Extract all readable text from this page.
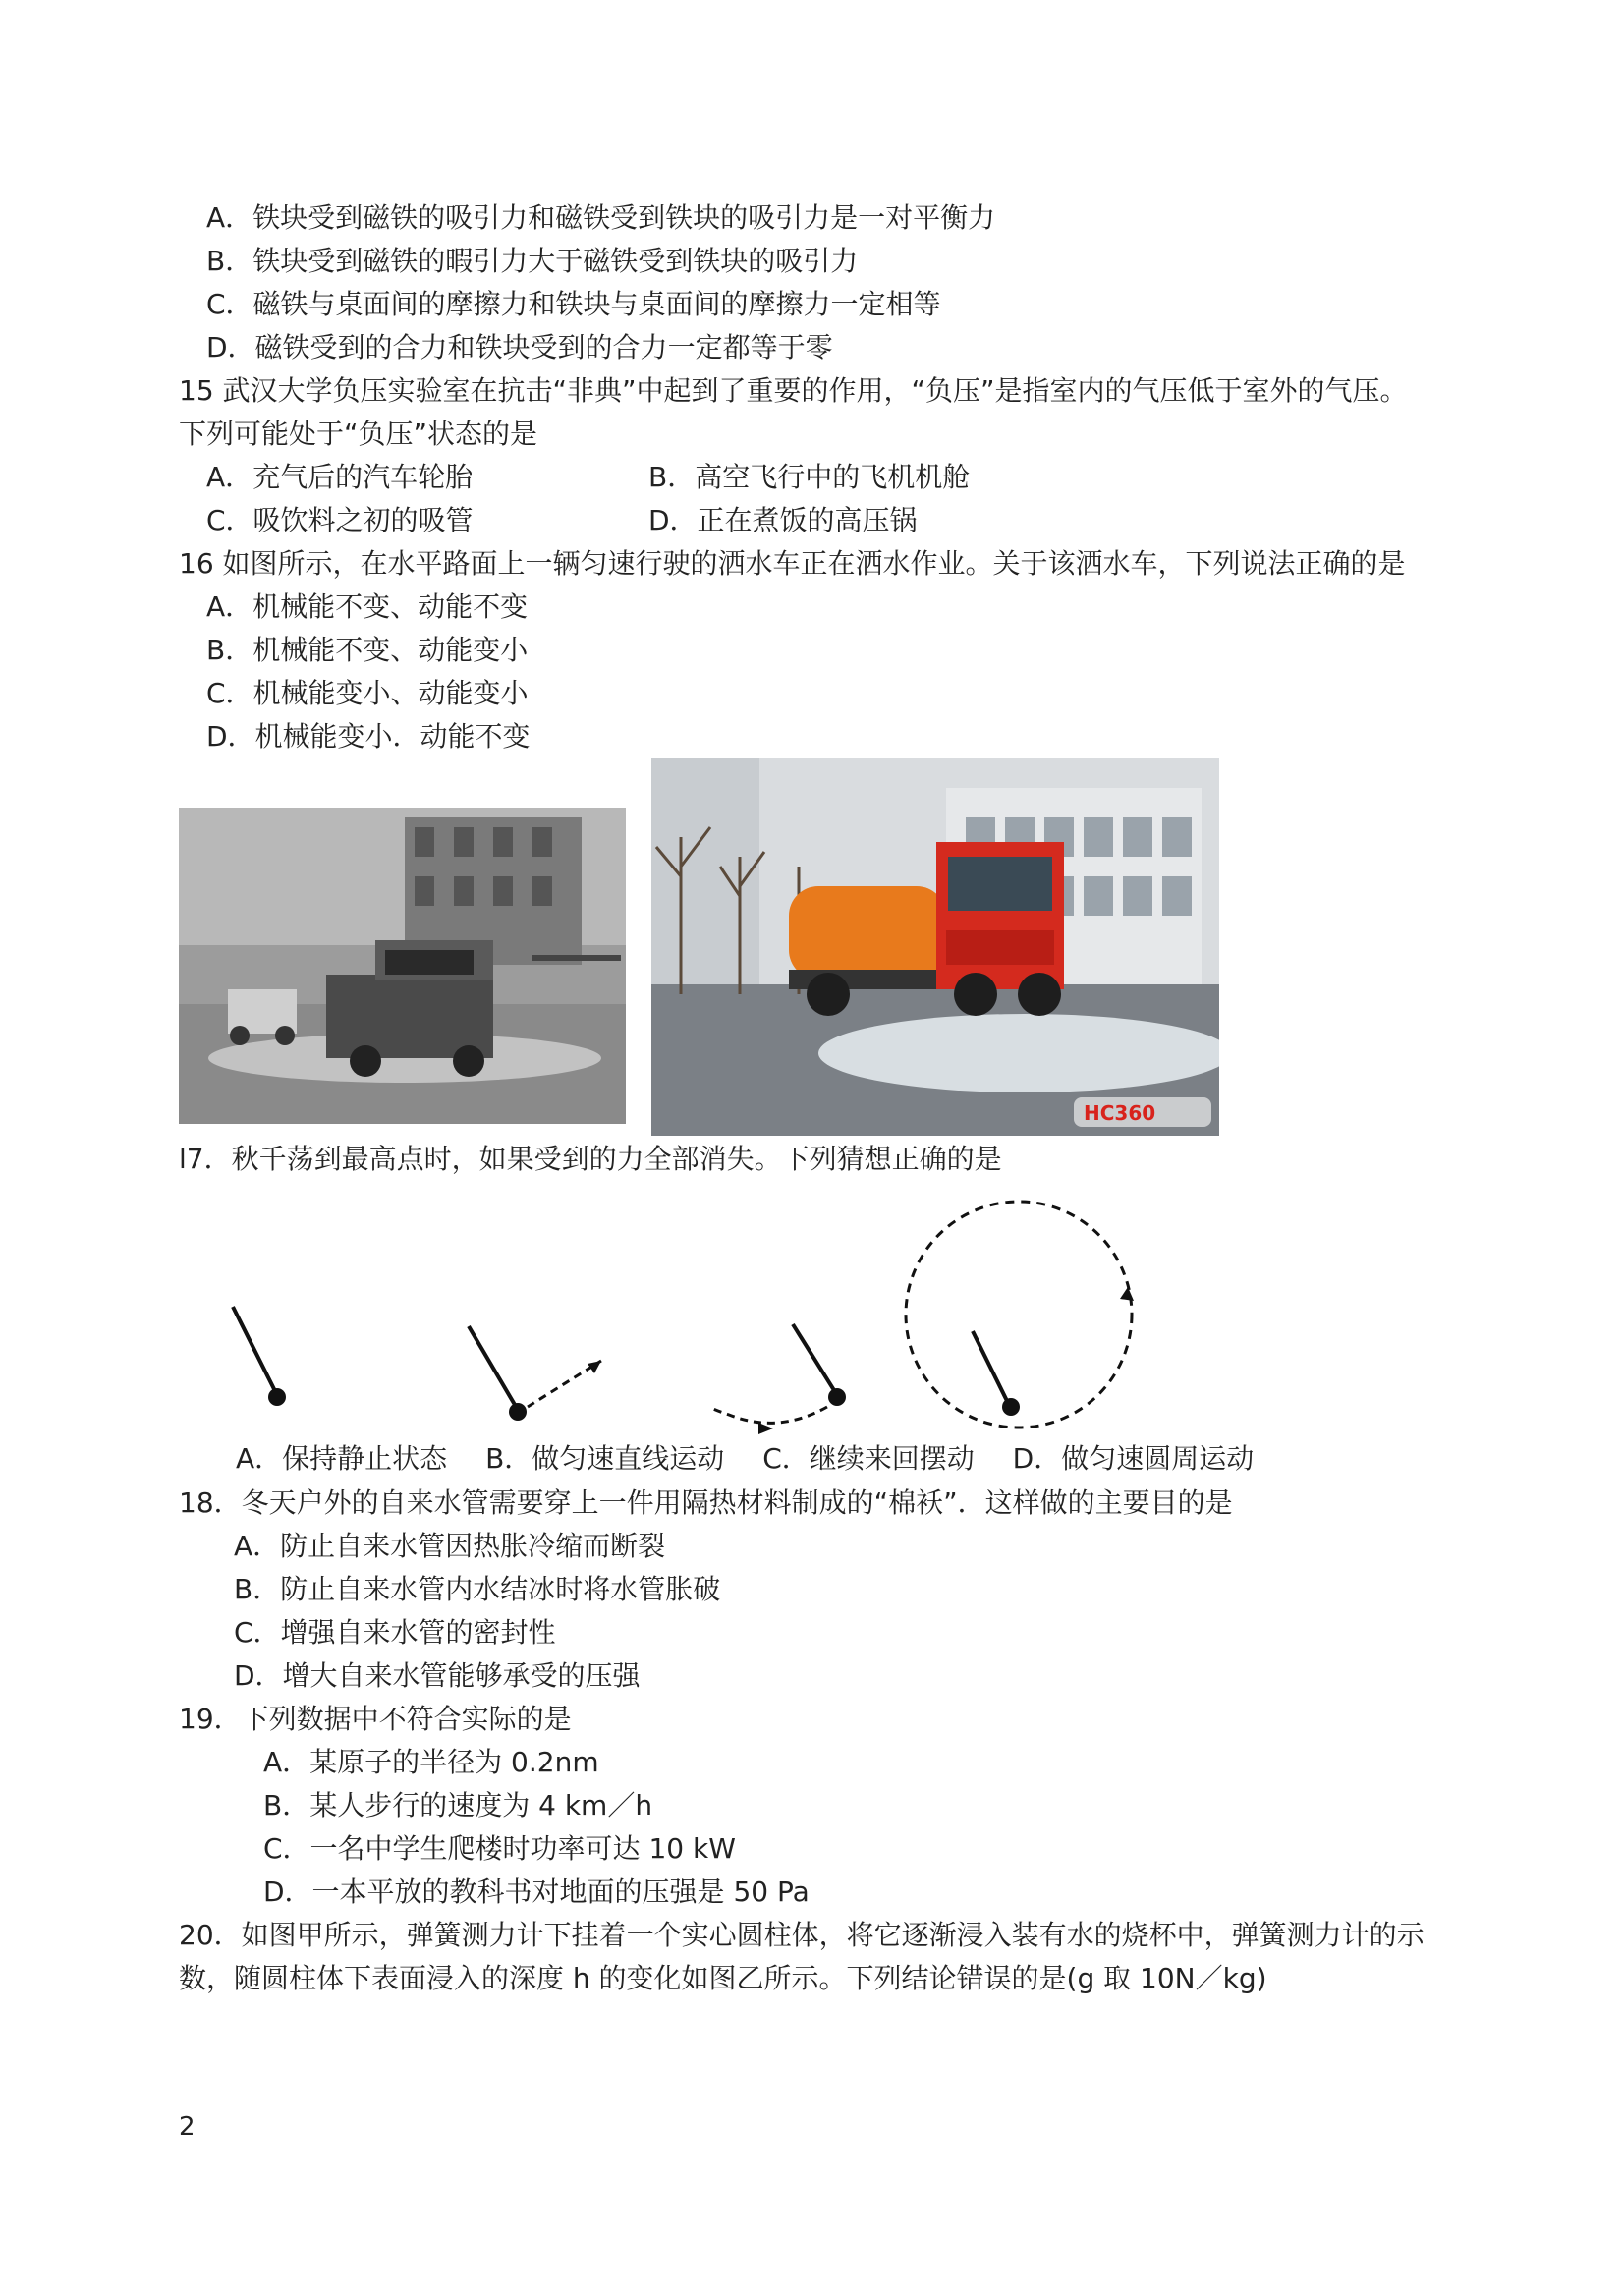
A．铁块受到磁铁的吸引力和磁铁受到铁块的吸引力是一对平衡力
B．铁块受到磁铁的暇引力大于磁铁受到铁块的吸引力
C．磁铁与桌面间的摩擦力和铁块与桌面间的摩擦力一定相等
D．磁铁受到的合力和铁块受到的合力一定都等于零
15 武汉大学负压实验室在抗击“非典”中起到了重要的作用，“负压”是指室内的气压低于室外的气压。
下列可能处于“负压”状态的是
A．充气后的汽车轮胎	B．高空飞行中的飞机机舱
C．吸饮料之初的吸管	D．正在煮饭的高压锅
16 如图所示，在水平路面上一辆匀速行驶的洒水车正在洒水作业。关于该洒水车，下列说法正确的是
A．机械能不变、动能不变
B．机械能不变、动能变小
C．机械能变小、动能变小
D．机械能变小．动能不变
HC360
l7．秋千荡到最高点时，如果受到的力全部消失。下列猜想正确的是
A．保持静止状态 B．做匀速直线运动 C．继续来回摆动 D．做匀速圆周运动
18．冬天户外的自来水管需要穿上一件用隔热材料制成的“棉袄”．这样做的主要目的是
A．防止自来水管因热胀冷缩而断裂
B．防止自来水管内水结冰时将水管胀破
C．增强自来水管的密封性
D．增大自来水管能够承受的压强
19．下列数据中不符合实际的是
A．某原子的半径为 0.2nm
B．某人步行的速度为 4 km／h
C．一名中学生爬楼时功率可达 10 kW
D．一本平放的教科书对地面的压强是 50 Pa
20．如图甲所示，弹簧测力计下挂着一个实心圆柱体，将它逐渐浸入装有水的烧杯中，弹簧测力计的示
数，随圆柱体下表面浸入的深度 h 的变化如图乙所示。下列结论错误的是(g 取 10N／kg)
2
